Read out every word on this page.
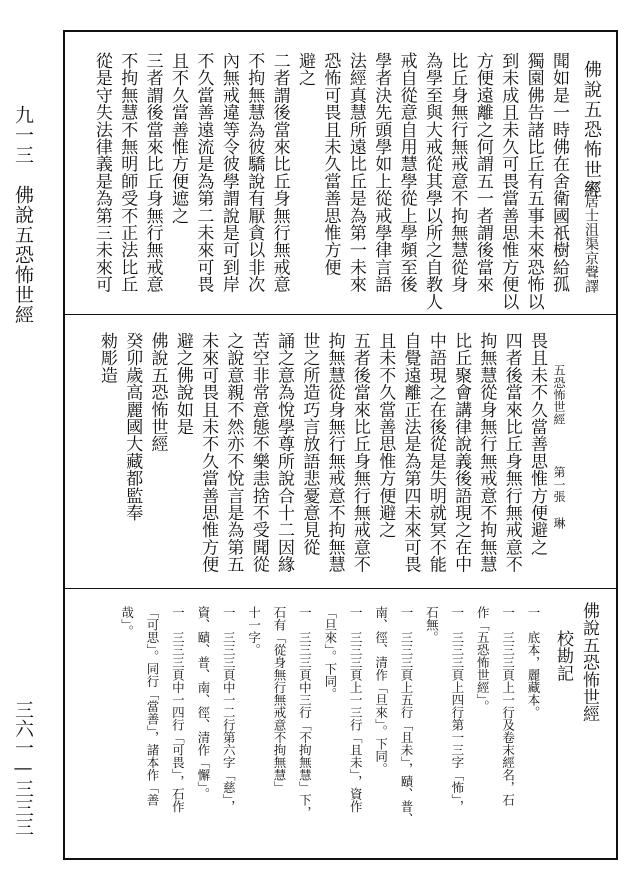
九一三　佛說五恐怖世經
三六一—三三三
佛說五恐怖世經
宋居士沮渠京聲譯
聞如是一時佛在舍衛國祇樹給孤
獨園佛告諸比丘有五事未來恐怖以
到未成且未久可畏當善思惟方便以
方便遠離之何謂五一者謂後當來
比丘身無行無戒意不拘無慧從身
為學至與大戒從其學以所之自教人
戒自從意自用慧學從上學頻至後
學者決先頭學如上從戒學律言語
法經真慧所遠比丘是為第一未來
恐怖可畏且未久當善思惟方便
避之
二者謂後當來比丘身無行無戒意
不拘無慧為彼驕說有厭貪以非次
內無戒違等令彼學謂說是可到岸
不久當善遠流是為第二未來可畏
且不久當善惟方便遮之
三者謂後當來比丘身無行無戒意
不拘無慧不無明師受不正法比丘
從是守失法律義是為第三未來可
五恐怖世經
第一張 琳
畏且未不久當善思惟方便避之
四者後當來比丘身無行無戒意不
拘無慧從身無行無戒意不拘無慧
比丘聚會講律說義後語現之在中
中語現之在後從是失明就冥不能
自覺遠離正法是為第四未來可畏
且未不久當善思惟方便避之
五者後當來比丘身無行無戒意不
拘無慧從身無行無戒意不拘無慧
世之所造巧言放語悲憂意見從
誦之意為悅學尊所說合十二因緣
苦空非常意態不樂恚捨不受聞從
之說意親不然亦不悅言是為第五
未來可畏且未不久當善思惟方便
避之佛說如是
佛說五恐怖世經
癸卯歲高麗國大藏都監奉
勑彫造
佛說五恐怖世經
校勘記
一　底本，麗藏本。
一　三三三頁上一行及卷末經名，石
作「五恐怖世經」。
一　三三三頁上四行第一三字「怖」，
石無。
一　三三三頁上五行「且未」，賾、普、
南、徑、清作「旦來」。下同。
一　三三三頁上一三行「且未」，資作
「旦來」。下同。
一　三三三頁中三行「不拘無慧」下，
石有「從身無行無戒意不拘無慧」
十一字。
一　三三三頁中一二行第六字「慈」，
資、賾、普、南、徑、清作「懈」。
一　三三三頁中一四行「可畏」，石作
「可思」。同行「當善」，諸本作「善
哉」。
